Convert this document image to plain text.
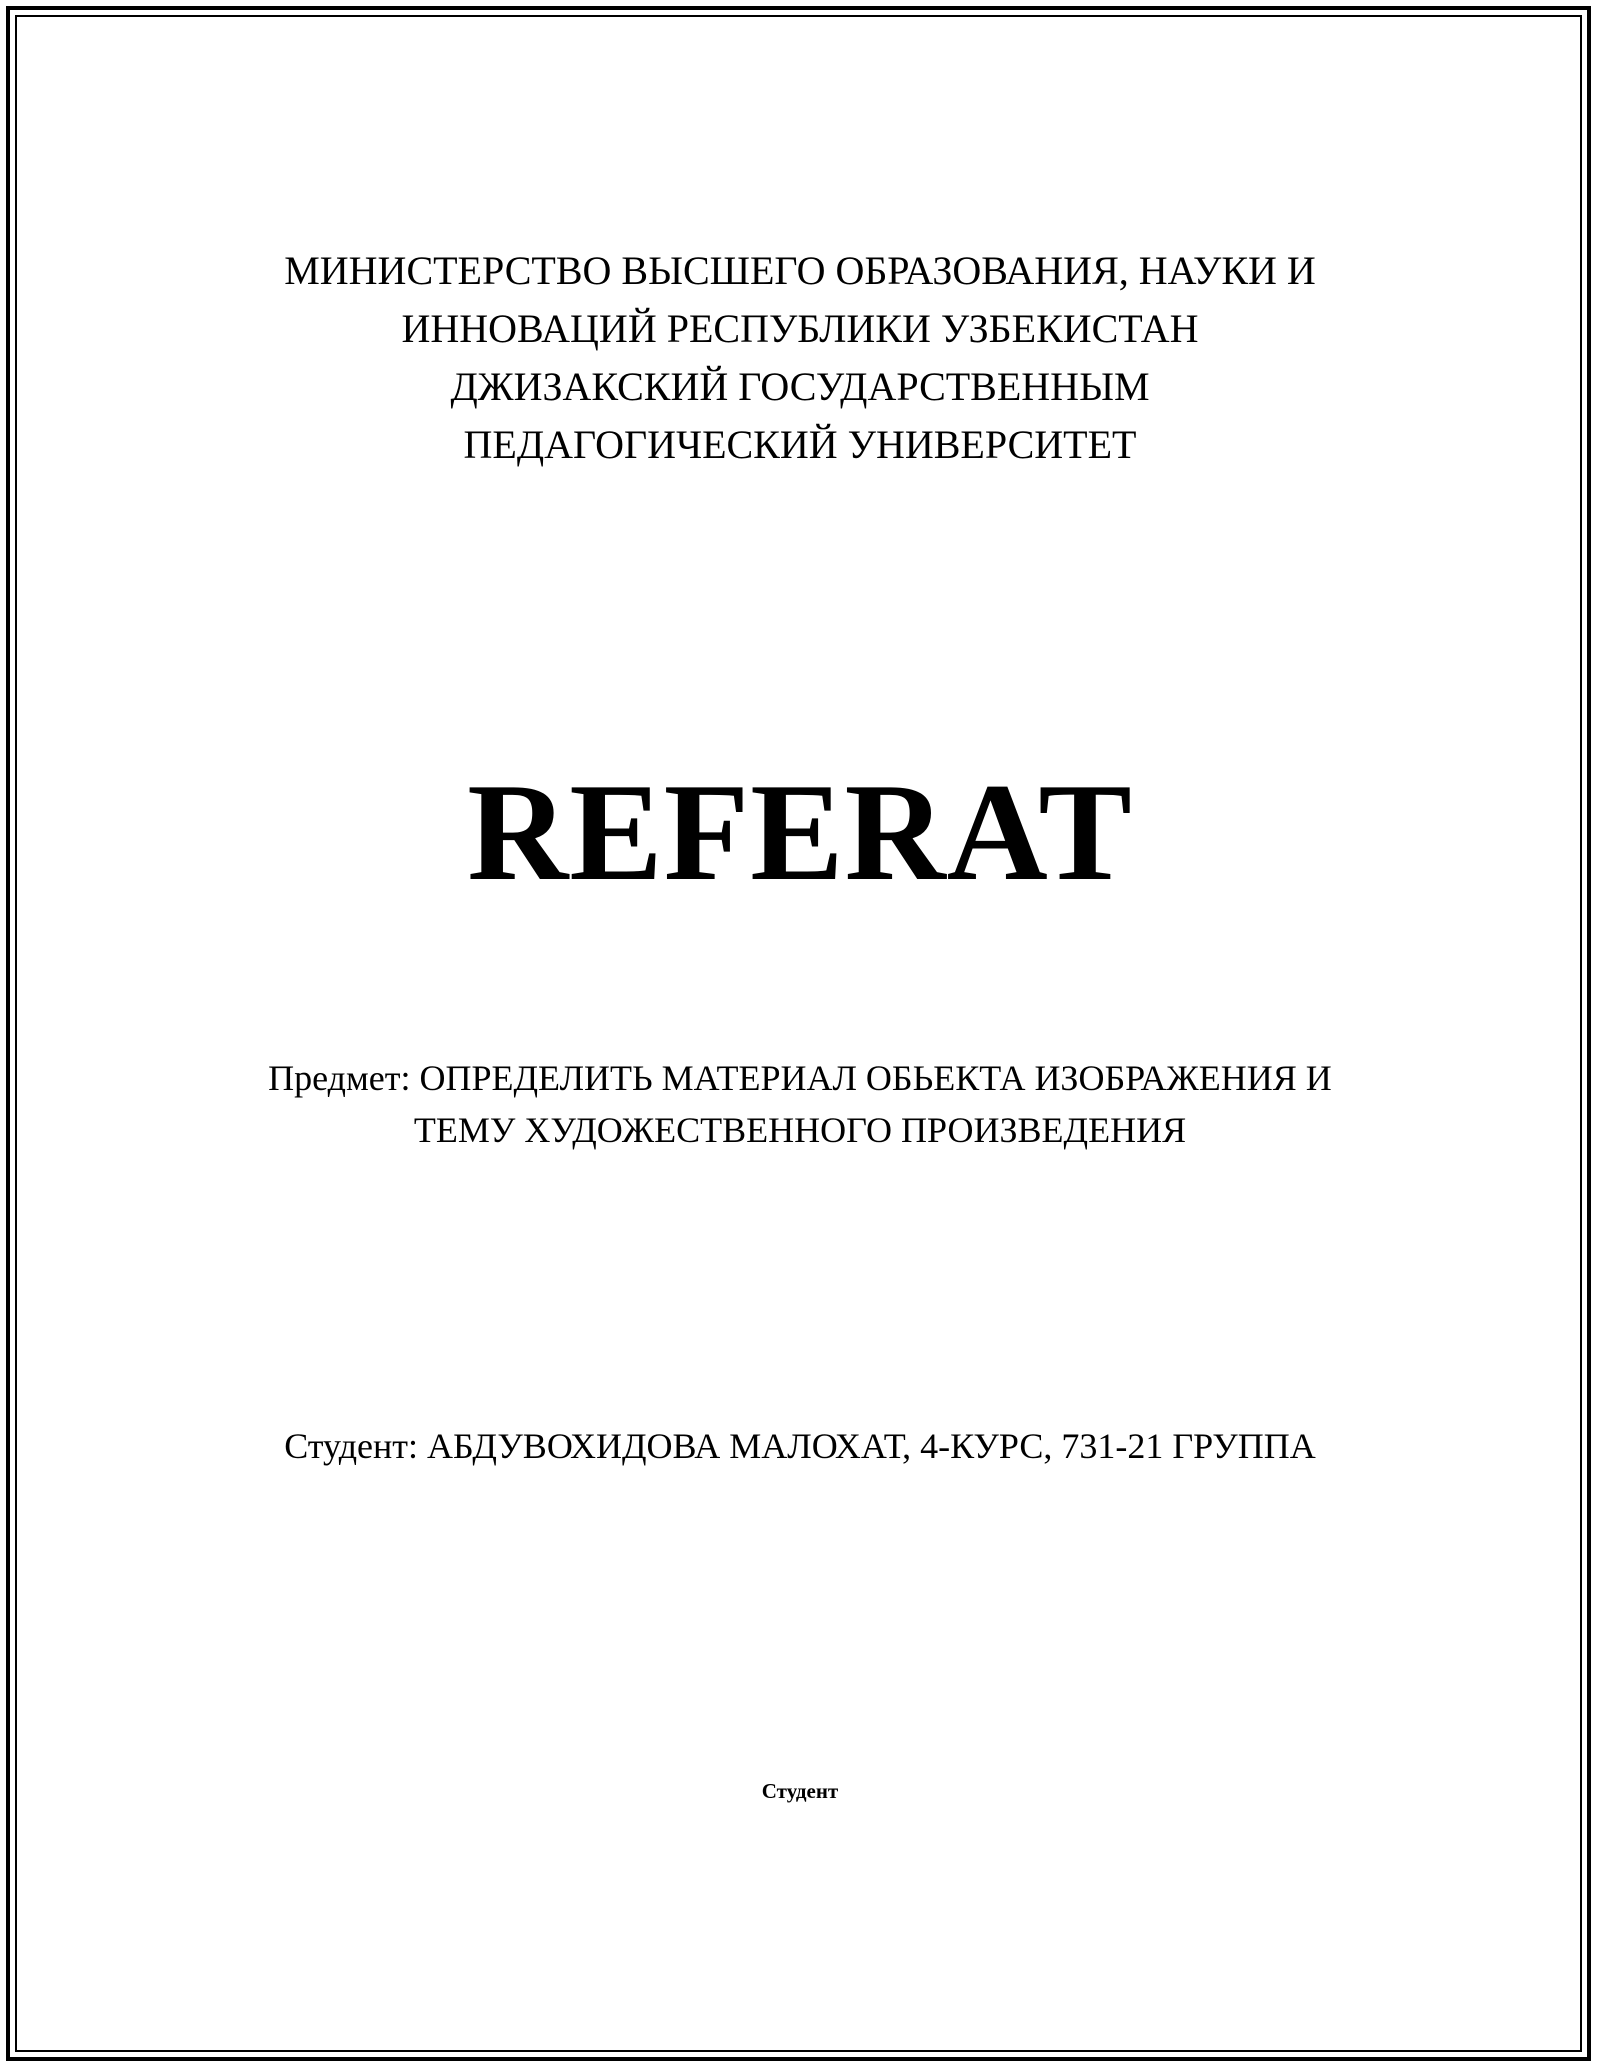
МИНИСТЕРСТВО ВЫСШЕГО ОБРАЗОВАНИЯ, НАУКИ И
ИННОВАЦИЙ РЕСПУБЛИКИ УЗБЕКИСТАН
ДЖИЗАКСКИЙ ГОСУДАРСТВЕННЫМ
ПЕДАГОГИЧЕСКИЙ УНИВЕРСИТЕТ
REFERAT
Предмет: ОПРЕДЕЛИТЬ МАТЕРИАЛ ОБЬЕКТА ИЗОБРАЖЕНИЯ И
ТЕМУ ХУДОЖЕСТВЕННОГО ПРОИЗВЕДЕНИЯ
Студент: АБДУВОХИДОВА МАЛОХАТ, 4-КУРС, 731-21 ГРУППА
Студент
